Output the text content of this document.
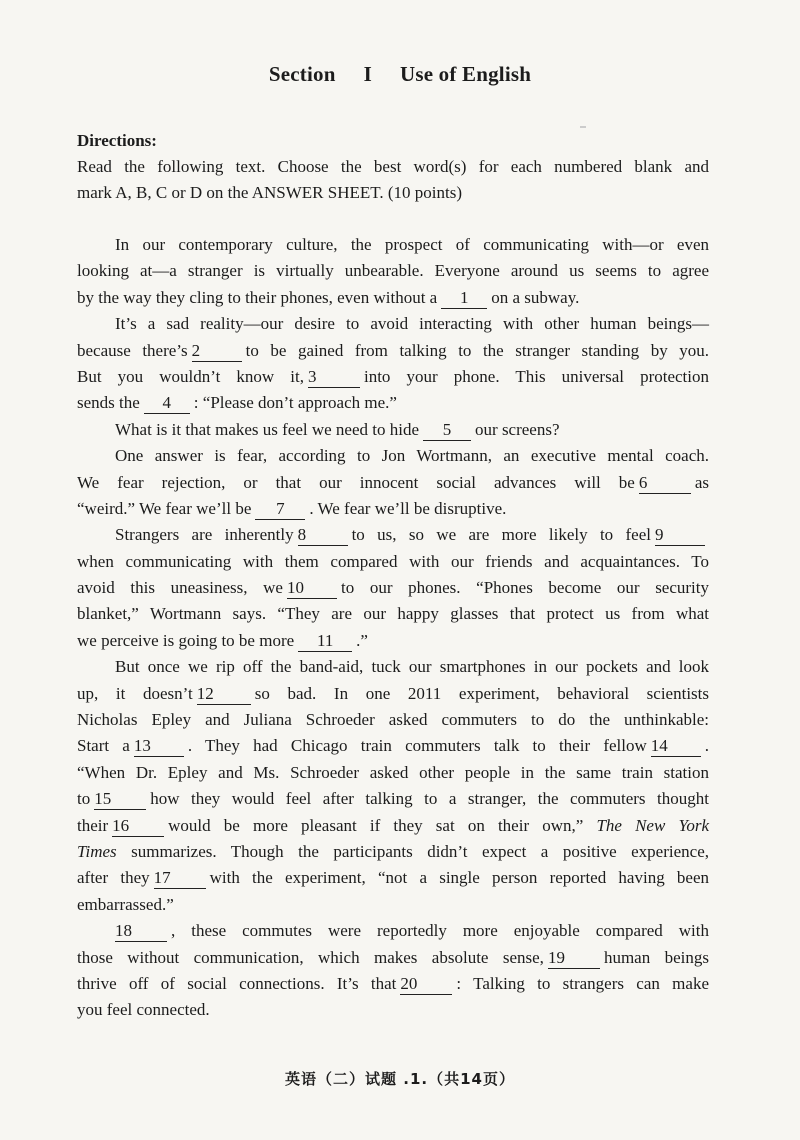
Section I Use of English
Directions:
Read the following text. Choose the best word(s) for each numbered blank and
mark A, B, C or D on the ANSWER SHEET. (10 points)
In our contemporary culture, the prospect of communicating with—or even
looking at—a stranger is virtually unbearable. Everyone around us seems to agree
by the way they cling to their phones, even without a 1 on a subway.
It’s a sad reality—our desire to avoid interacting with other human beings—
because there’s 2	to be gained from talking to the stranger standing by you.
But you wouldn’t know it, 3	into your phone. This universal protection
sends the 4 : “Please don’t approach me.”
What is it that makes us feel we need to hide 5 our screens?
One answer is fear, according to Jon Wortmann, an executive mental coach.
We fear rejection, or that our innocent social advances will be 6	as
“weird.” We fear we’ll be 7 . We fear we’ll be disruptive.
Strangers are inherently 8	to us, so we are more likely to feel 9
when communicating with them compared with our friends and acquaintances. To
avoid this uneasiness, we 10 to our phones. “Phones become our security
blanket,” Wortmann says. “They are our happy glasses that protect us from what
we perceive is going to be more 11 .”
But once we rip off the band-aid, tuck our smartphones in our pockets and look
up, it doesn’t 12 so bad. In one 2011 experiment, behavioral scientists
Nicholas Epley and Juliana Schroeder asked commuters to do the unthinkable:
Start a 13 . They had Chicago train commuters talk to their fellow 14 .
“When Dr. Epley and Ms. Schroeder asked other people in the same train station
to 15 how they would feel after talking to a stranger, the commuters thought
their 16 would be more pleasant if they sat on their own,” The New York
Times summarizes. Though the participants didn’t expect a positive experience,
after they 17 with the experiment, “not a single person reported having been
embarrassed.”
18 , these commutes were reportedly more enjoyable compared with
those without communication, which makes absolute sense, 19 human beings
thrive off of social connections. It’s that 20 : Talking to strangers can make
you feel connected.
英语（二）试题 .1.（共14页）
